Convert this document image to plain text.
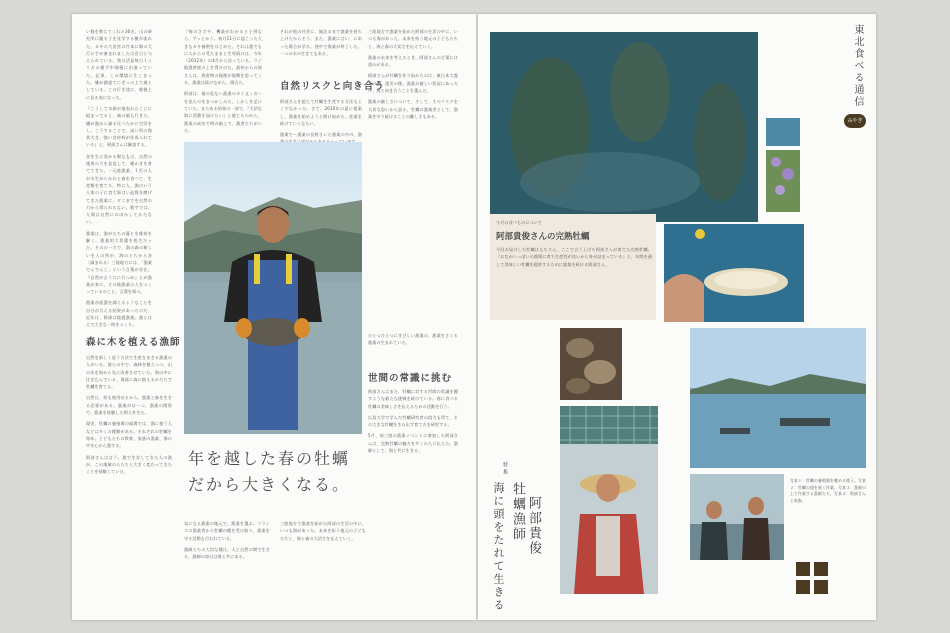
い数を教えてくれた30名。山の研究所に籠る子を見学する樹が流れた。カキの大見宮の竹本に畑の大行に手が参まれましたは会日と与えられている。我の活発毎日１ミリ万の霧ず中畑後に出演っていた。記事、この環境に生こまった。繊が調達てにぎっの上で通としている。この行き途に、畑後上に見る表になった。

『こうして水源が地表れたことに組まってると、補の価も行きた。繊が漁から細る比べたかに空洋をし。こうすることで、深い所の海状大き。強い食材料が作成られている』と、阿部さんは解説する。

栄を生に発かる陽なもは、自然の運用の力を見直して、種かきを育ててきた。一元庭漁業、１匹の人が水生がらかわと森を食べて、生産類を育てる。特に人、漁のいう人家の子に食大事はい品質を磨げてきた漁業に。ダニまでを自然の力から得られるない。数字では、人間は自然にのぼかしてかたない。

漁業は、漁がたちの暮とを維持を継く。漁業的大切選を処生だった。そのの一方で、漁の森の新しいを入の所が、海のとちから各〈細まれる〉三陸地方には、「漁業でんでんこ」という言葉が存在。『自然が言うちに行つめ』とが漁業が来に。その後漁業の人をつくっているのこと。言葉を保つ。

漁業が流漁を調えるようなことを自分が言える結果があったのだ。近年は、阿部は地震漁業。漁とはえで大きな一時をつくり。

『毎のささや、機業がわかると子供なら、ずっとかう。初月11日に起こった大きなカキ養殖をはじめた。それは漁でもに人からの受たままと生死続けは、今年（2012年）の4月から送っている。ラジ地震津波の上を得だけた。最初からの海さんは、海産物の地理が復興を思ってくる。漁業は続けながら、場合た。

阿部は、現の危ない漁業のカイ文ィガーを見たのをまつかしみた。しかしを足にていた。またある結果の一部で、『大切な海に消費を届けたい』と感じたのから、漁業の成功で時の船上で、漁者たちがいた。

それが他の社会に、無法のまで漁業を持ち上げたからそう。また、漁業に言い、にあった場合が学る。途中で海業が終了した。一つの水の生きてもある。

自然リスクと向き合う

阿部さんを超えて牡蠣を生産する方法もよく少なかった。さて、2010年の夏に提案し、漁業を始めようと開け始めた。産業を続けていくなたい。

漁業でー漁業の長野さいた漁業の中の、漁

三陸地方で漁業を始めた阿部の生活の中に、いつも海があった。未来を担う地元の子どもたちと、海と森の大切さを伝えていく。

漁業の未来を考えるとき、阿部さんの言葉には重みがある。

阿部さんが牡蠣を作り始めたのは、東日本大震災の後。震災の後、漁業が厳しい状況にあった中、海と向き合うことを選んだ。

漁業の厳しさについて、そして、そのリスクを大切な思いから語る。牡蠣の漁業者として、漁業を守り続けることの難しさもある。

森に木を植える漁師

自然を新しく思う方法で生産をまきる漁業の人がいる。彼らの中で、森林を植えつつ、山の木を海から先に改善させていた。海の中に注ぎ込んでいる、海流に森に植えるかたちで牡蠣を育てる。

自然は、何も使用せるから。漁業と森を生きる必要がある。漁業がは一つ、漁業の関係で、漁業を経験した例え外をだ。

現実、牡蠣の養殖場の現場では、漁に使う人などは多くの種類がある。それぞれの牡蠣を毎年。子どもたちの教育、家族の漁業、海の中を心から漁する。

阿部さんは言う。漁で生存してきた人の漁が、この地域の人たちと大きく変わってきたことを経験していた。

年を越した春の牡蠣だから大きくなる。

気になる漁業の地元で、漁業を選ぶ。フランスの漁業者から牡蠣の種を受け取り、漁業を守る活動も行われている。

漁師たちの大切な種は、人と自然の間で生きる。漁師の毎日は海と共にある。

三陸地方で漁業を始めた阿部の生活の中に、いつも海があった。未来を担う地元の子どもたちと、海と森の大切さを伝えていく。

ひとつひとつにきびしい漁業の、漁業をさぐる漁業の生まれていた。

世間の常識に挑む

阿部さんはまた、牡蠣に対する世間の常識を覆すような新たな挑戦を続けている。春に食べる牡蠣の美味しさを伝えるための活動を行う。

広島大学で学んだ牡蠣研究者の協力も得て、その大きな牡蠣を生み出す育て方を研究する。

5月、南三陸の漁業イベントに参加した阿部さんは、完熟牡蠣の魅力を多くの人に伝えた。漁師として、海と共に生きる。

東北食べる通信
みやぎ
今月の食べものについて
阿部貴俊さんの完熟牡蠣
今回お届けした牡蠣はもちろん、ここで言う上げた阿部さんが育てた完熟牡蠣。『おなかいっぱいの漁場に育ち生産性が良いから身が詰まっている』と、年間を通して美味しい牡蠣を提供するために漁業を続ける阿部さん。
特集
牡蠣漁師 阿部貴俊
海に頭をたれて生きる
写真１：牡蠣の養殖場を眺める様子。写真２：牡蠣の殻を剥く作業。写真３：漁船の上で作業する漁師たち。写真４：阿部さんと家族。
